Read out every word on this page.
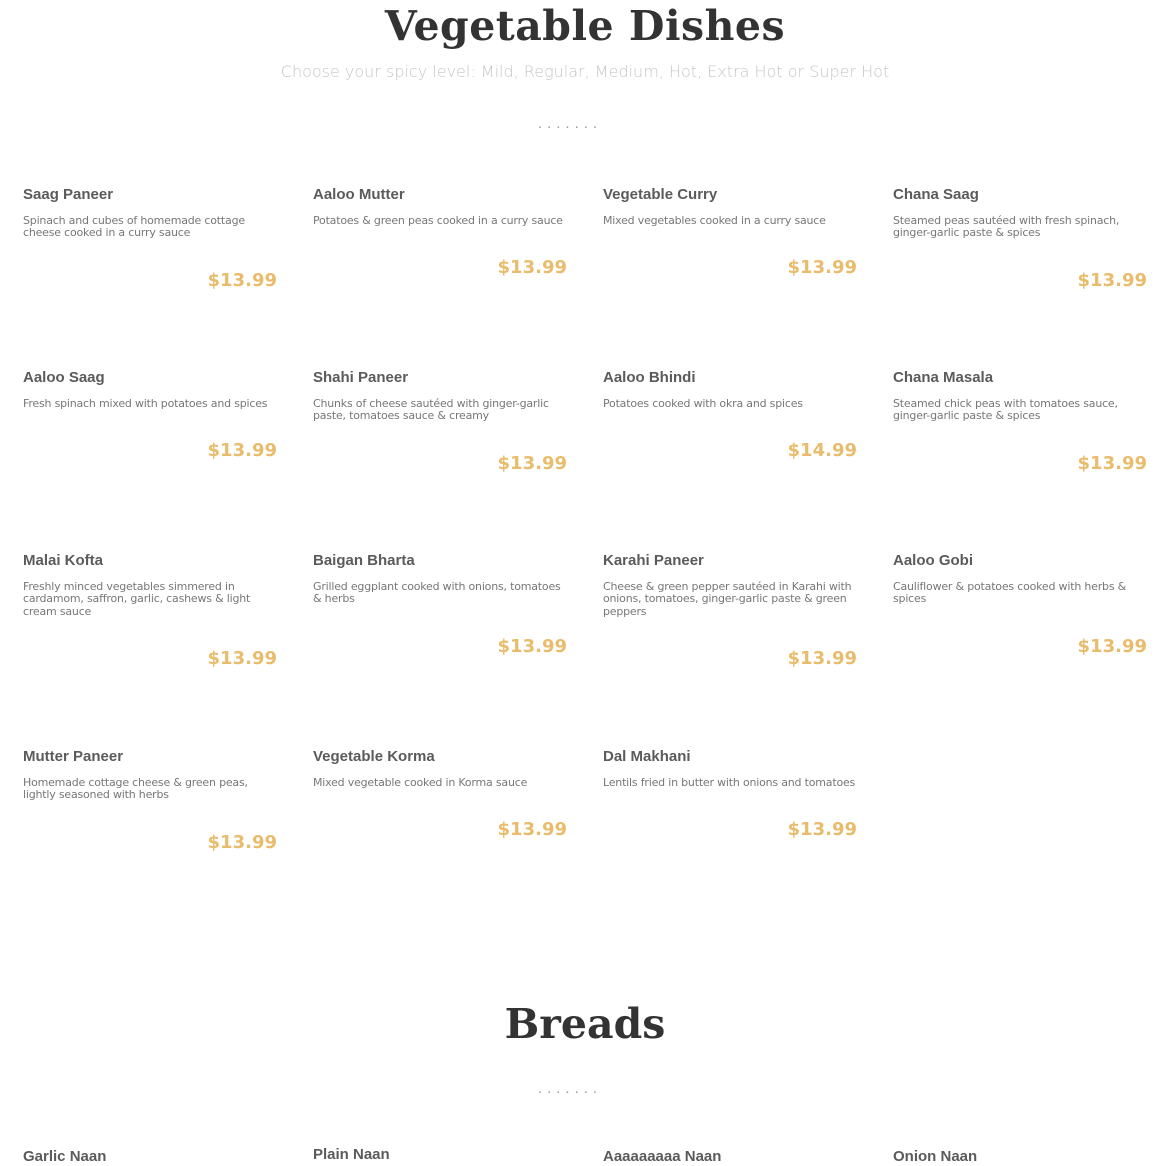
Vegetable Dishes

Choose your spicy level: Mild, Regular, Medium, Hot, Extra Hot or Super Hot

.......

Saag Paneer

Spinach and cubes of homemade cottage cheese cooked in a curry sauce

$13.99

Aaloo Mutter

Potatoes & green peas cooked in a curry sauce

$13.99

Vegetable Curry

Mixed vegetables cooked in a curry sauce

$13.99

Chana Saag

Steamed peas sautéed with fresh spinach, ginger-garlic paste & spices

$13.99

Aaloo Saag

Fresh spinach mixed with potatoes and spices

$13.99

Shahi Paneer

Chunks of cheese sautéed with ginger-garlic paste, tomatoes sauce & creamy

$13.99

Aaloo Bhindi

Potatoes cooked with okra and spices

$14.99

Chana Masala

Steamed chick peas with tomatoes sauce, ginger-garlic paste & spices

$13.99

Malai Kofta

Freshly minced vegetables simmered in cardamom, saffron, garlic, cashews & light cream sauce

$13.99

Baigan Bharta

Grilled eggplant cooked with onions, tomatoes & herbs

$13.99

Karahi Paneer

Cheese & green pepper sautéed in Karahi with onions, tomatoes, ginger-garlic paste & green peppers

$13.99

Aaloo Gobi

Cauliflower & potatoes cooked with herbs & spices

$13.99

Mutter Paneer

Homemade cottage cheese & green peas, lightly seasoned with herbs

$13.99

Vegetable Korma

Mixed vegetable cooked in Korma sauce

$13.99

Dal Makhani

Lentils fried in butter with onions and tomatoes

$13.99
Breads
.......
Garlic Naan	Plain Naan	Aaaaaaaaa Naan	Onion Naan
